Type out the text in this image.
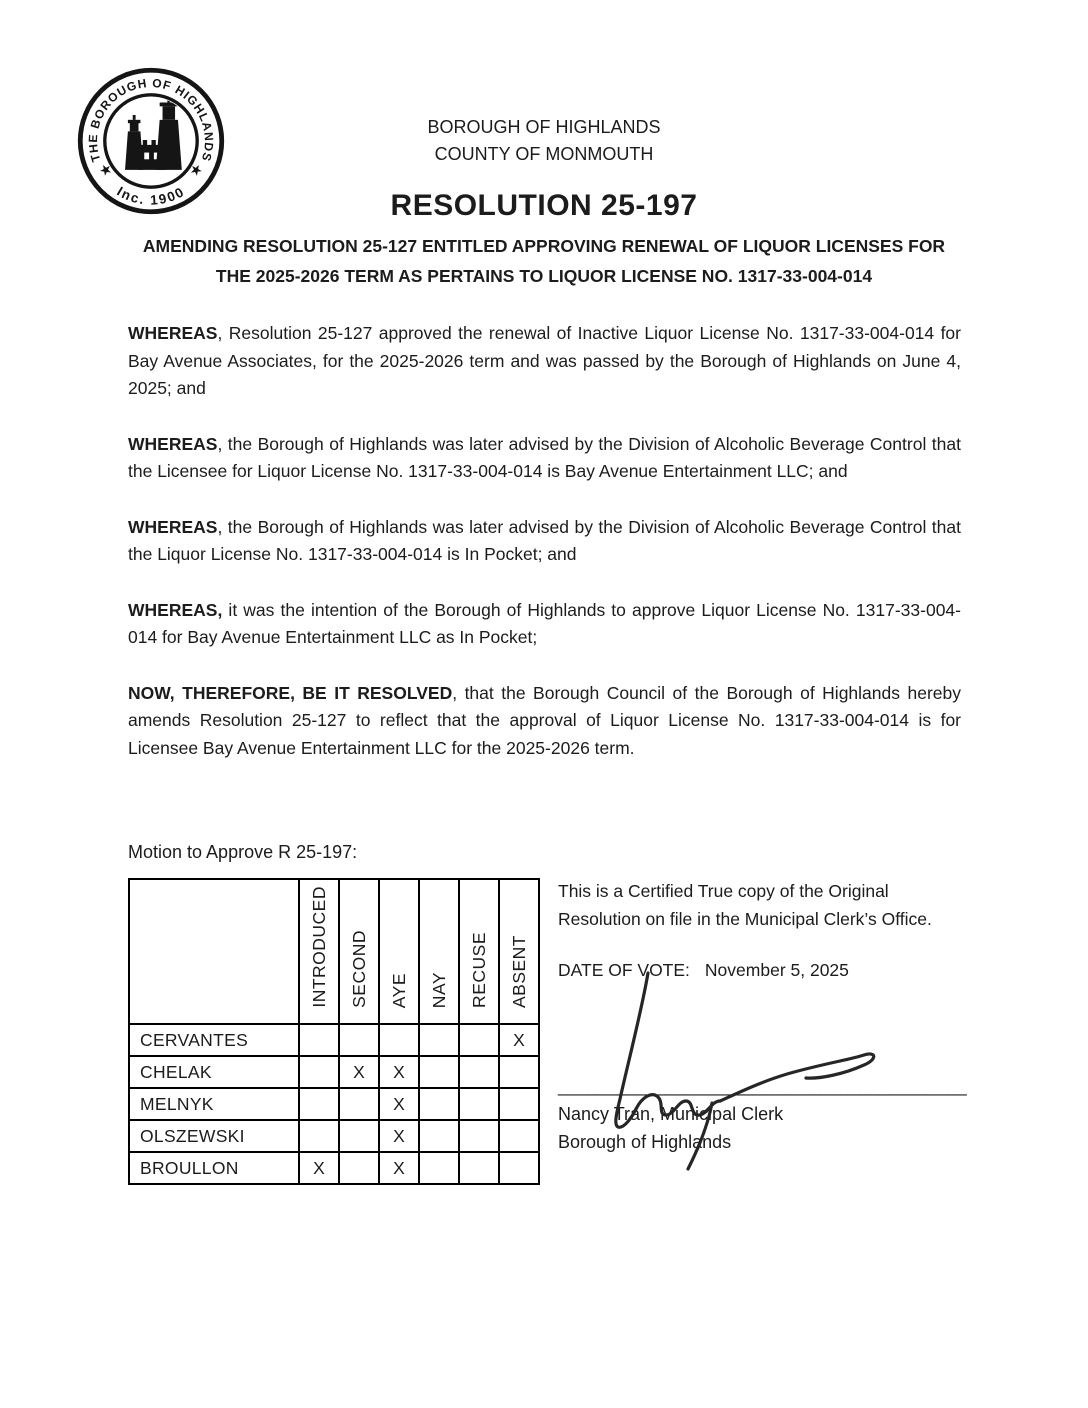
THE BOROUGH OF HIGHLANDS
Inc. 1900
★	★
BOROUGH OF HIGHLANDS
COUNTY OF MONMOUTH
RESOLUTION 25-197
AMENDING RESOLUTION 25-127 ENTITLED APPROVING RENEWAL OF LIQUOR LICENSES FOR
THE 2025-2026 TERM AS PERTAINS TO LIQUOR LICENSE NO. 1317-33-004-014

WHEREAS, Resolution 25-127 approved the renewal of Inactive Liquor License No. 1317-33-004-014 for Bay Avenue Associates, for the 2025-2026 term and was passed by the Borough of Highlands on June 4, 2025; and

WHEREAS, the Borough of Highlands was later advised by the Division of Alcoholic Beverage Control that the Licensee for Liquor License No. 1317-33-004-014 is Bay Avenue Entertainment LLC; and

WHEREAS, the Borough of Highlands was later advised by the Division of Alcoholic Beverage Control that the Liquor License No. 1317-33-004-014 is In Pocket; and

WHEREAS, it was the intention of the Borough of Highlands to approve Liquor License No. 1317-33-004-014 for Bay Avenue Entertainment LLC as In Pocket;

NOW, THEREFORE, BE IT RESOLVED, that the Borough Council of the Borough of Highlands hereby amends Resolution 25-127 to reflect that the approval of Liquor License No. 1317-33-004-014 is for Licensee Bay Avenue Entertainment LLC for the 2025-2026 term.

Motion to Approve R 25-197:
	INTRODUCED	SECOND	AYE	NAY	RECUSE	ABSENT
CERVANTES						X
CHELAK		X	X			
MELNYK			X			
OLSZEWSKI			X			
BROULLON	X		X			

This is a Certified True copy of the Original Resolution on file in the Municipal Clerk’s Office.

DATE OF VOTE: November 5, 2025
__________________________________________
Nancy Tran, Municipal Clerk
Borough of Highlands
